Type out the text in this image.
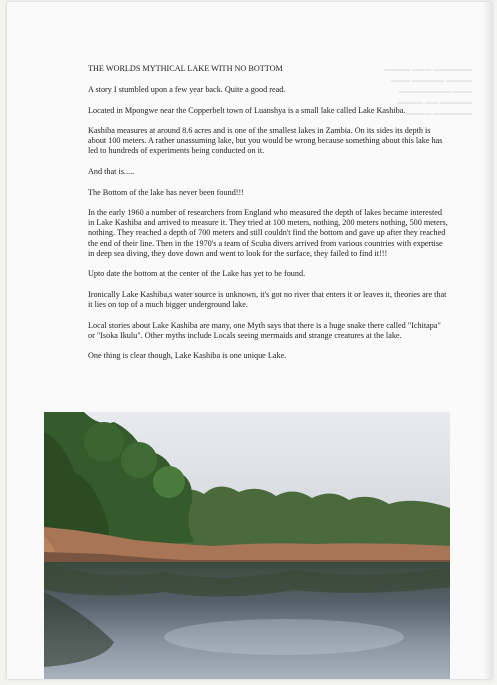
▬▬▬▬▬▬ ▬▬▬ ▬▬▬▬
▬▬▬▬ ▬▬▬▬▬ ▬▬▬
▬▬▬ ▬▬▬▬▬▬▬▬
▬▬▬▬▬ ▬▬ ▬▬▬▬
▬▬▬▬▬▬ ▬▬▬▬

THE WORLDS MYTHICAL LAKE WITH NO BOTTOM

A story I stumbled upon a few year back. Quite a good read.

Located in Mpongwe near the Copperbelt town of Luanshya is a small lake called Lake Kashiba.

Kashiba measures at around 8.6 acres and is one of the smallest lakes in Zambia. On its sides its depth is about 100 meters. A rather unassuming lake, but you would be wrong because something about this lake has led to hundreds of experiments being conducted on it.

And that is.....

The Bottom of the lake has never been found!!!

In the early 1960 a number of researchers from England who measured the depth of lakes became interested in Lake Kashiba and arrived to measure it. They tried at 100 meters, nothing, 200 meters nothing, 500 meters, nothing. They reached a depth of 700 meters and still couldn't find the bottom and gave up after they reached the end of their line. Then in the 1970's a team of Scuba divers arrived from various countries with expertise in deep sea diving, they dove down and went to look for the surface, they failed to find it!!!

Upto date the bottom at the center of the Lake has yet to be found.

Ironically Lake Kashiba,s water source is unknown, it's got no river that enters it or leaves it, theories are that it lies on top of a much bigger underground lake.

Local stories about Lake Kashiba are many, one Myth says that there is a huge snake there called "Ichitapa" or "Isoka Ikulu". Other myths include Locals seeing mermaids and strange creatures at the lake.

One thing is clear though, Lake Kashiba is one unique Lake.
